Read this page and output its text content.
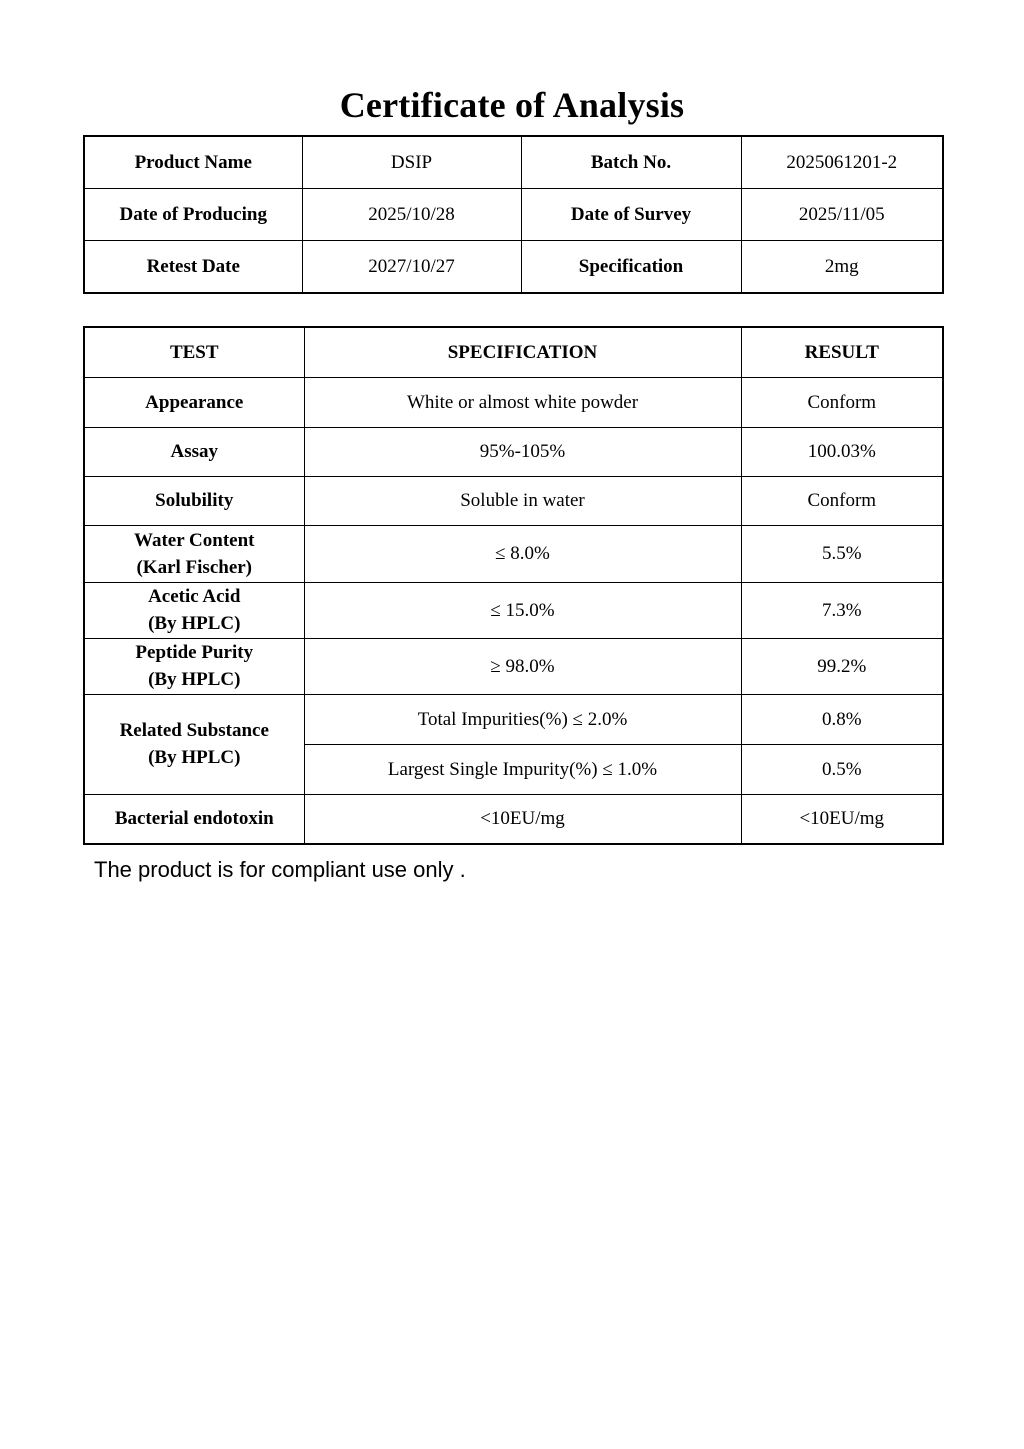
Certificate of Analysis
Product Name	DSIP	Batch No.	2025061201-2
Date of Producing	2025/10/28	Date of Survey	2025/11/05
Retest Date	2027/10/27	Specification	2mg
TEST	SPECIFICATION	RESULT
Appearance	White or almost white powder	Conform
Assay	95%-105%	100.03%
Solubility	Soluble in water	Conform

Water Content
(Karl Fischer)	≤ 8.0%	5.5%

Acetic Acid
(By HPLC)	≤ 15.0%	7.3%

Peptide Purity
(By HPLC)	≥ 98.0%	99.2%

Related Substance
(By HPLC)	Total Impurities(%) ≤ 2.0%	0.8%
	Largest Single Impurity(%) ≤ 1.0%	0.5%
Bacterial endotoxin	<10EU/mg	<10EU/mg
The product is for compliant use only .
